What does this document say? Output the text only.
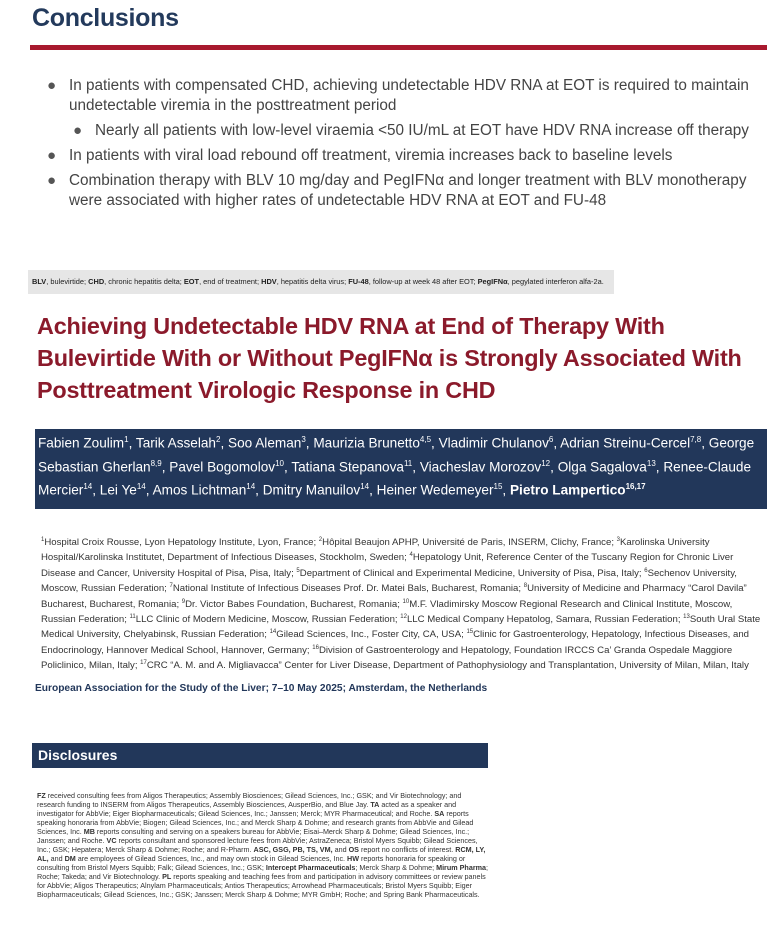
Conclusions
● In patients with compensated CHD, achieving undetectable HDV RNA at EOT is required to maintain undetectable viremia in the posttreatment period
● Nearly all patients with low-level viraemia <50 IU/mL at EOT have HDV RNA increase off therapy
● In patients with viral load rebound off treatment, viremia increases back to baseline levels
● Combination therapy with BLV 10 mg/day and PegIFNα and longer treatment with BLV monotherapy were associated with higher rates of undetectable HDV RNA at EOT and FU-48
BLV, bulevirtide; CHD, chronic hepatitis delta; EOT, end of treatment; HDV, hepatitis delta virus; FU-48, follow-up at week 48 after EOT; PegIFNα, pegylated interferon alfa-2a.
Achieving Undetectable HDV RNA at End of Therapy With Bulevirtide With or Without PegIFNα is Strongly Associated With Posttreatment Virologic Response in CHD
Fabien Zoulim$^1$, Tarik Asselah$^2$, Soo Aleman$^3$, Maurizia Brunetto$^{4,5}$, Vladimir Chulanov$^6$, Adrian Streinu-Cercel$^{7,8}$, George Sebastian Gherlan$^{8,9}$, Pavel Bogomolov$^{10}$, Tatiana Stepanova$^{11}$, Viacheslav Morozov$^{12}$, Olga Sagalova$^{13}$, Renee-Claude Mercier$^{14}$, Lei Ye$^{14}$, Amos Lichtman$^{14}$, Dmitry Manuilov$^{14}$, Heiner Wedemeyer$^{15}$, Pietro Lampertico$^{16,17}$
$^1$Hospital Croix Rousse, Lyon Hepatology Institute, Lyon, France; $^2$Hôpital Beaujon APHP, Université de Paris, INSERM, Clichy, France; $^3$Karolinska University Hospital/Karolinska Institutet, Department of Infectious Diseases, Stockholm, Sweden; $^4$Hepatology Unit, Reference Center of the Tuscany Region for Chronic Liver Disease and Cancer, University Hospital of Pisa, Pisa, Italy; $^5$Department of Clinical and Experimental Medicine, University of Pisa, Pisa, Italy; $^6$Sechenov University, Moscow, Russian Federation; $^7$National Institute of Infectious Diseases Prof. Dr. Matei Bals, Bucharest, Romania; $^8$University of Medicine and Pharmacy “Carol Davila” Bucharest, Bucharest, Romania; $^9$Dr. Victor Babes Foundation, Bucharest, Romania; $^{10}$M.F. Vladimirsky Moscow Regional Research and Clinical Institute, Moscow, Russian Federation; $^{11}$LLC Clinic of Modern Medicine, Moscow, Russian Federation; $^{12}$LLC Medical Company Hepatolog, Samara, Russian Federation; $^{13}$South Ural State Medical University, Chelyabinsk, Russian Federation; $^{14}$Gilead Sciences, Inc., Foster City, CA, USA; $^{15}$Clinic for Gastroenterology, Hepatology, Infectious Diseases, and Endocrinology, Hannover Medical School, Hannover, Germany; $^{16}$Division of Gastroenterology and Hepatology, Foundation IRCCS Ca’ Granda Ospedale Maggiore Policlinico, Milan, Italy; $^{17}$CRC “A. M. and A. Migliavacca” Center for Liver Disease, Department of Pathophysiology and Transplantation, University of Milan, Milan, Italy
European Association for the Study of the Liver; 7–10 May 2025; Amsterdam, the Netherlands
Disclosures
FZ received consulting fees from Aligos Therapeutics; Assembly Biosciences; Gilead Sciences, Inc.; GSK; and Vir Biotechnology; and research funding to INSERM from Aligos Therapeutics, Assembly Biosciences, AusperBio, and Blue Jay. TA acted as a speaker and investigator for AbbVie; Eiger Biopharmaceuticals; Gilead Sciences, Inc.; Janssen; Merck; MYR Pharmaceutical; and Roche. SA reports speaking honoraria from AbbVie; Biogen; Gilead Sciences, Inc.; and Merck Sharp & Dohme; and research grants from AbbVie and Gilead Sciences, Inc. MB reports consulting and serving on a speakers bureau for AbbVie; Eisai–Merck Sharp & Dohme; Gilead Sciences, Inc.; Janssen; and Roche. VC reports consultant and sponsored lecture fees from AbbVie; AstraZeneca; Bristol Myers Squibb; Gilead Sciences, Inc.; GSK; Hepatera; Merck Sharp & Dohme; Roche; and R-Pharm. ASC, GSG, PB, TS, VM, and OS report no conflicts of interest. RCM, LY, AL, and DM are employees of Gilead Sciences, Inc., and may own stock in Gilead Sciences, Inc. HW reports honoraria for speaking or consulting from Bristol Myers Squibb; Falk; Gilead Sciences, Inc.; GSK; Intercept Pharmaceuticals; Merck Sharp & Dohme; Mirum Pharma; Roche; Takeda; and Vir Biotechnology. PL reports speaking and teaching fees from and participation in advisory committees or review panels for AbbVie; Aligos Therapeutics; Alnylam Pharmaceuticals; Antios Therapeutics; Arrowhead Pharmaceuticals; Bristol Myers Squibb; Eiger Biopharmaceuticals; Gilead Sciences, Inc.; GSK; Janssen; Merck Sharp & Dohme; MYR GmbH; Roche; and Spring Bank Pharmaceuticals.
